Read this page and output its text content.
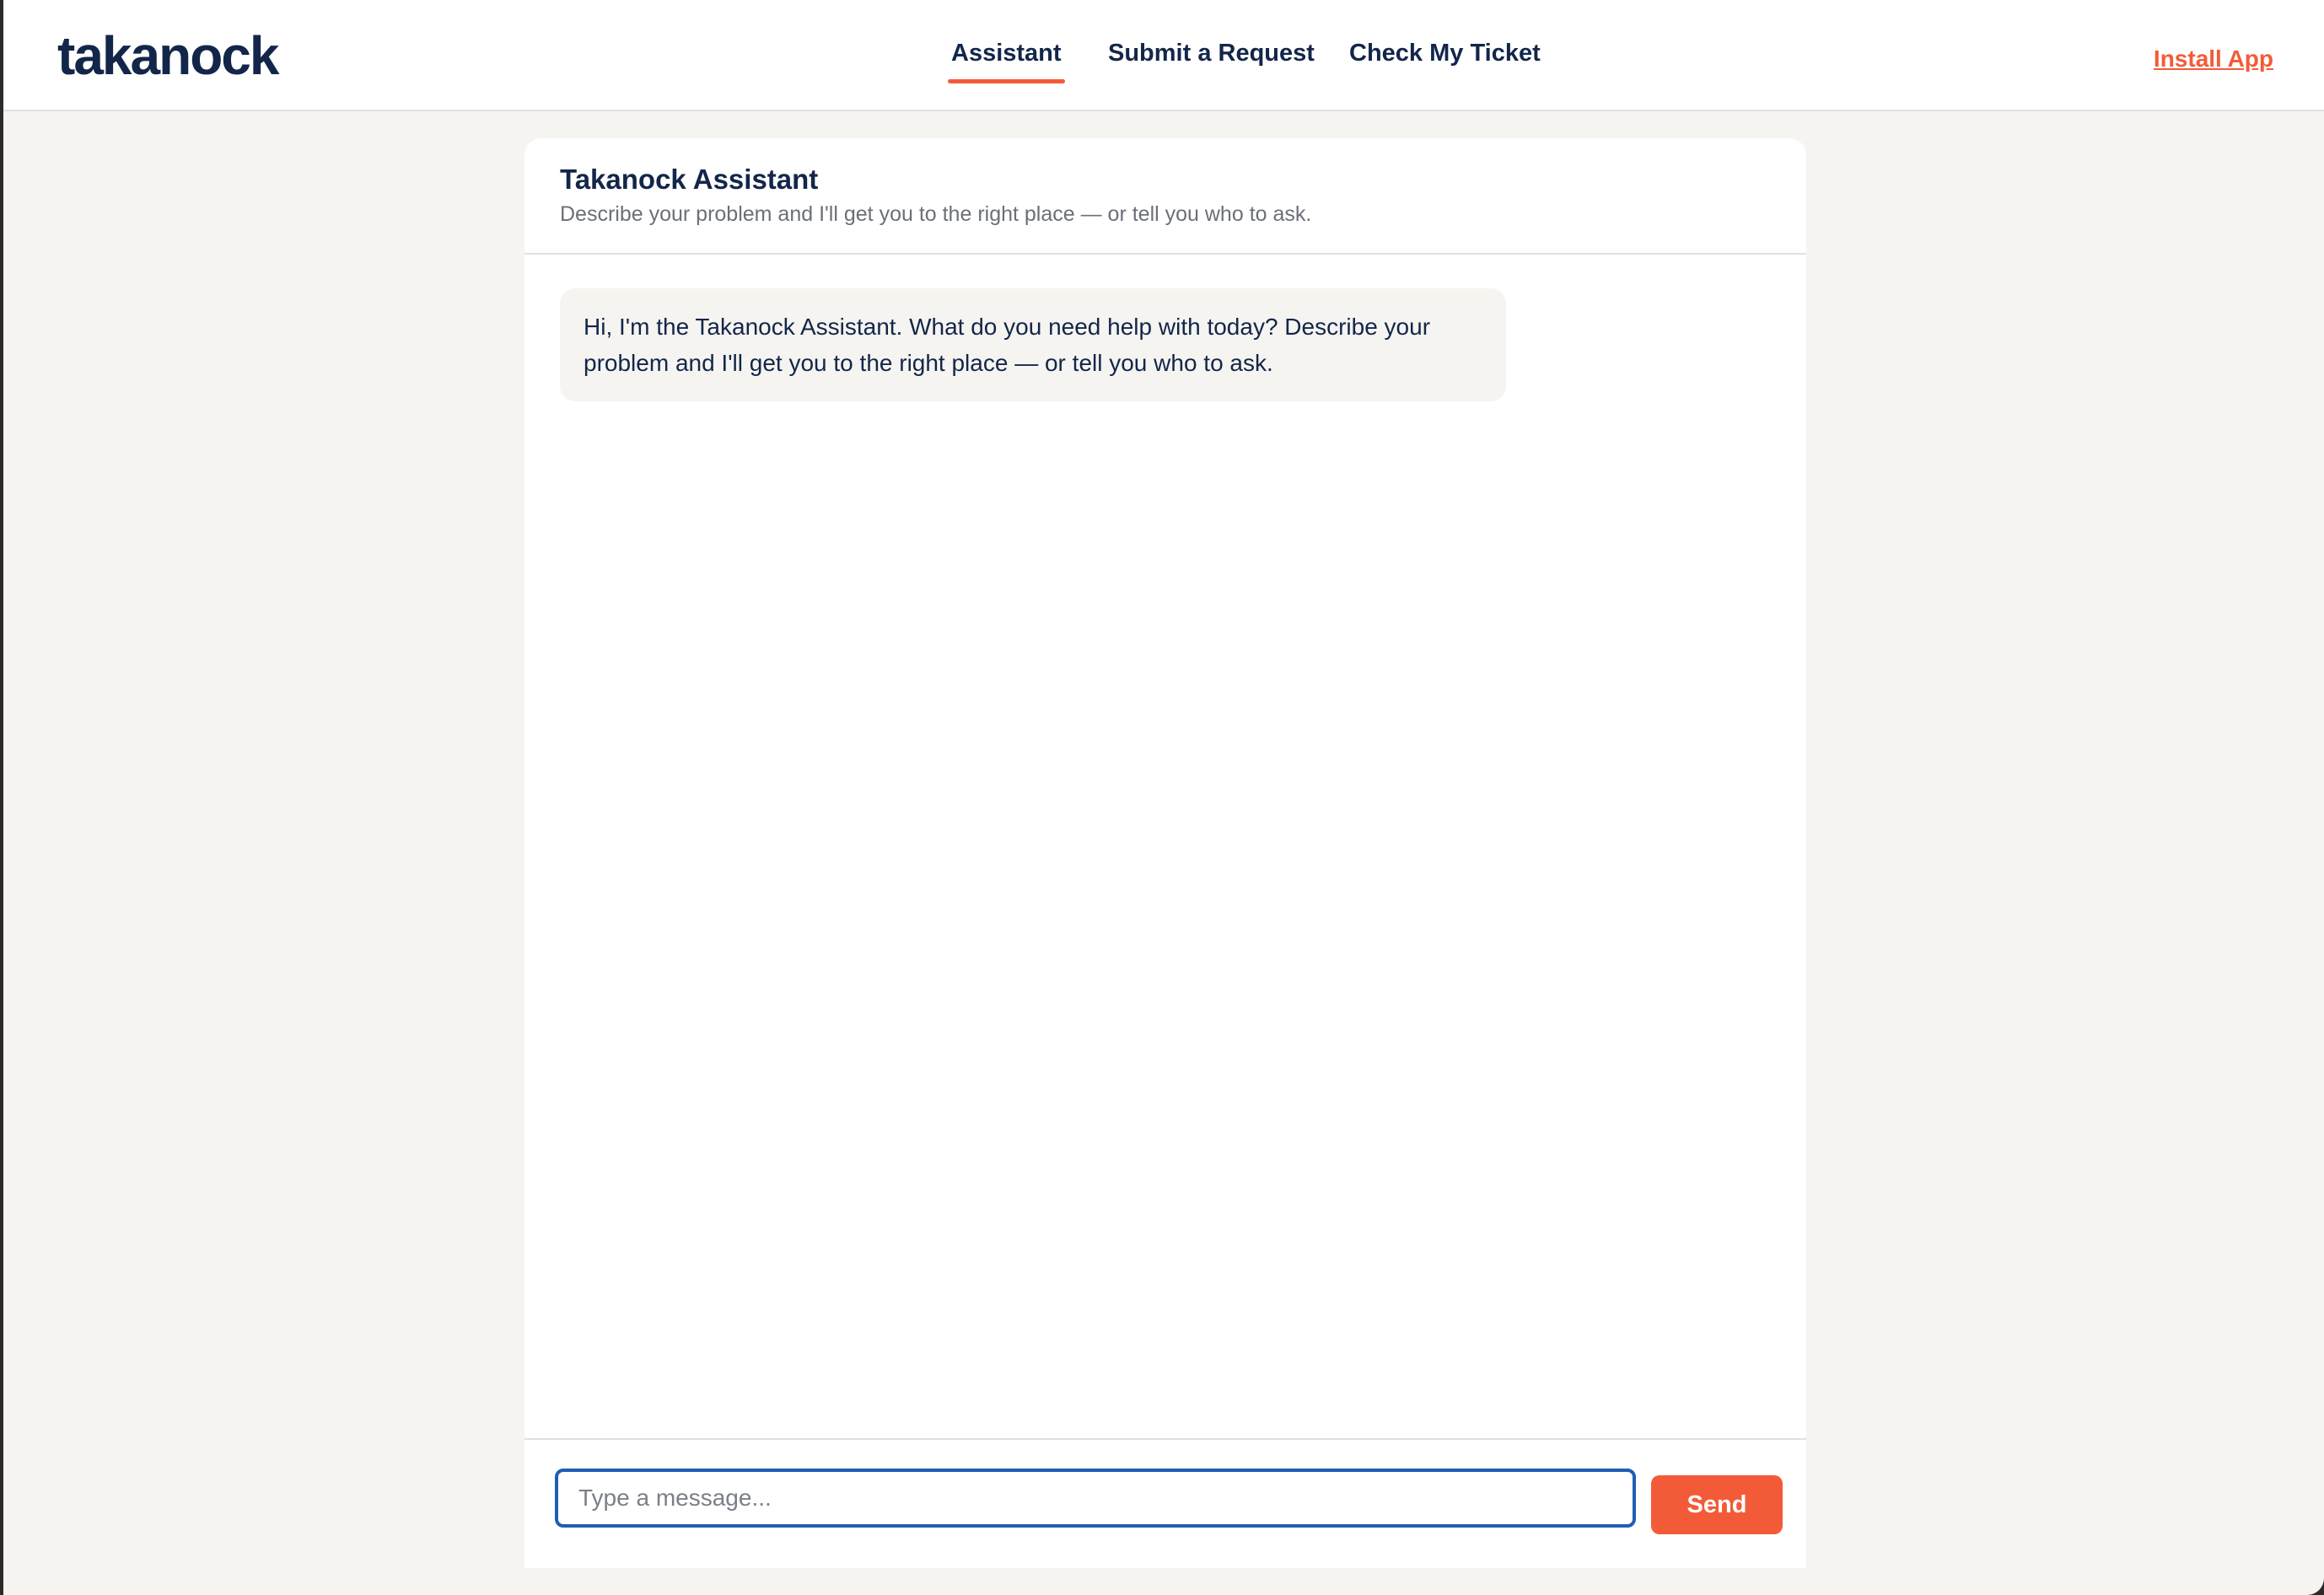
takanock	Assistant Submit a Request Check My Ticket	Install App
Takanock Assistant
Describe your problem and I'll get you to the right place — or tell you who to ask.
Hi, I'm the Takanock Assistant. What do you need help with today? Describe your problem and I'll get you to the right place — or tell you who to ask.
Type a message...
Send
